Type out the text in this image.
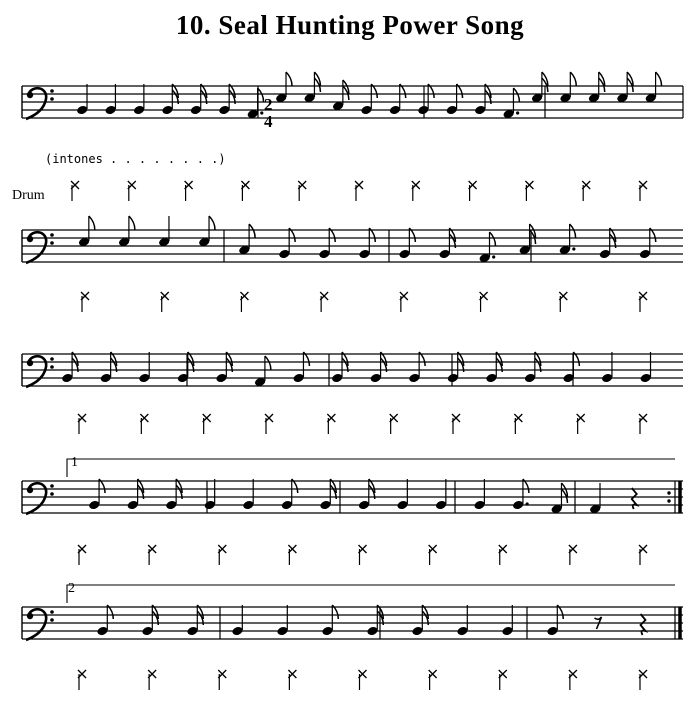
10. Seal Hunting Power Song
(intones . . . . . . . .)
Drum
2
4
1
2
